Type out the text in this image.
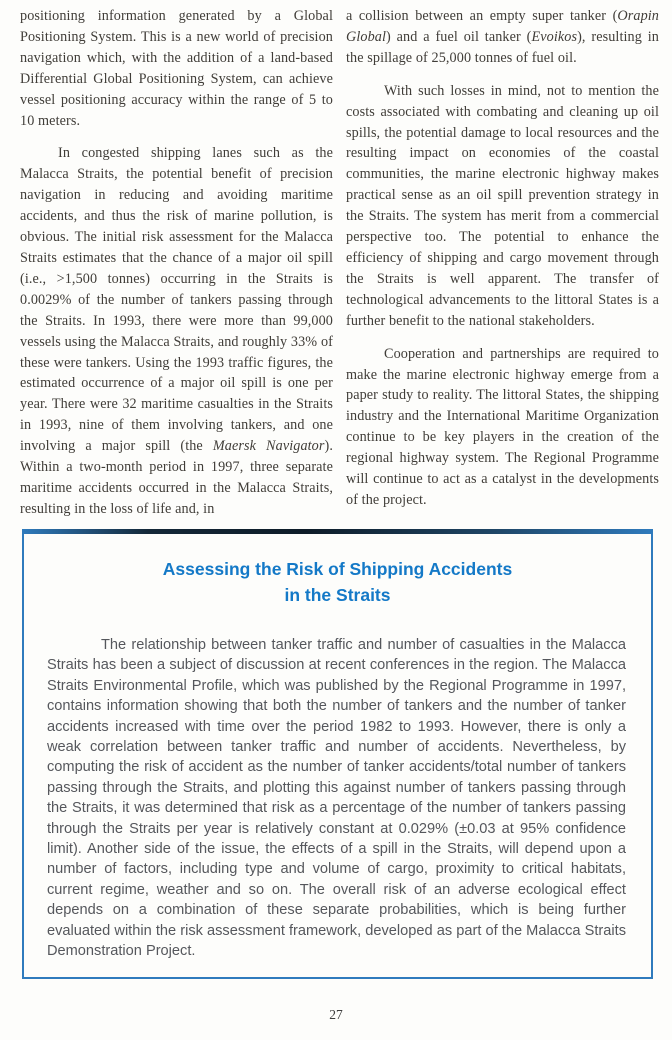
positioning information generated by a Global Positioning System. This is a new world of precision navigation which, with the addition of a land-based Differential Global Positioning System, can achieve vessel positioning accuracy within the range of 5 to 10 meters.

In congested shipping lanes such as the Malacca Straits, the potential benefit of precision navigation in reducing and avoiding maritime accidents, and thus the risk of marine pollution, is obvious. The initial risk assessment for the Malacca Straits estimates that the chance of a major oil spill (i.e., >1,500 tonnes) occurring in the Straits is 0.0029% of the number of tankers passing through the Straits. In 1993, there were more than 99,000 vessels using the Malacca Straits, and roughly 33% of these were tankers. Using the 1993 traffic figures, the estimated occurrence of a major oil spill is one per year. There were 32 maritime casualties in the Straits in 1993, nine of them involving tankers, and one involving a major spill (the Maersk Navigator). Within a two-month period in 1997, three separate maritime accidents occurred in the Malacca Straits, resulting in the loss of life and, in

a collision between an empty super tanker (Orapin Global) and a fuel oil tanker (Evoikos), resulting in the spillage of 25,000 tonnes of fuel oil.

With such losses in mind, not to mention the costs associated with combating and cleaning up oil spills, the potential damage to local resources and the resulting impact on economies of the coastal communities, the marine electronic highway makes practical sense as an oil spill prevention strategy in the Straits. The system has merit from a commercial perspective too. The potential to enhance the efficiency of shipping and cargo movement through the Straits is well apparent. The transfer of technological advancements to the littoral States is a further benefit to the national stakeholders.

Cooperation and partnerships are required to make the marine electronic highway emerge from a paper study to reality. The littoral States, the shipping industry and the International Maritime Organization continue to be key players in the creation of the regional highway system. The Regional Programme will continue to act as a catalyst in the developments of the project.

Assessing the Risk of Shipping Accidents
in the Straits
The relationship between tanker traffic and number of casualties in the Malacca Straits has been a subject of discussion at recent conferences in the region. The Malacca Straits Environmental Profile, which was published by the Regional Programme in 1997, contains information showing that both the number of tankers and the number of tanker accidents increased with time over the period 1982 to 1993. However, there is only a weak correlation between tanker traffic and number of accidents. Nevertheless, by computing the risk of accident as the number of tanker accidents/total number of tankers passing through the Straits, and plotting this against number of tankers passing through the Straits, it was determined that risk as a percentage of the number of tankers passing through the Straits per year is relatively constant at 0.029% (±0.03 at 95% confidence limit). Another side of the issue, the effects of a spill in the Straits, will depend upon a number of factors, including type and volume of cargo, proximity to critical habitats, current regime, weather and so on. The overall risk of an adverse ecological effect depends on a combination of these separate probabilities, which is being further evaluated within the risk assessment framework, developed as part of the Malacca Straits Demonstration Project.
27
